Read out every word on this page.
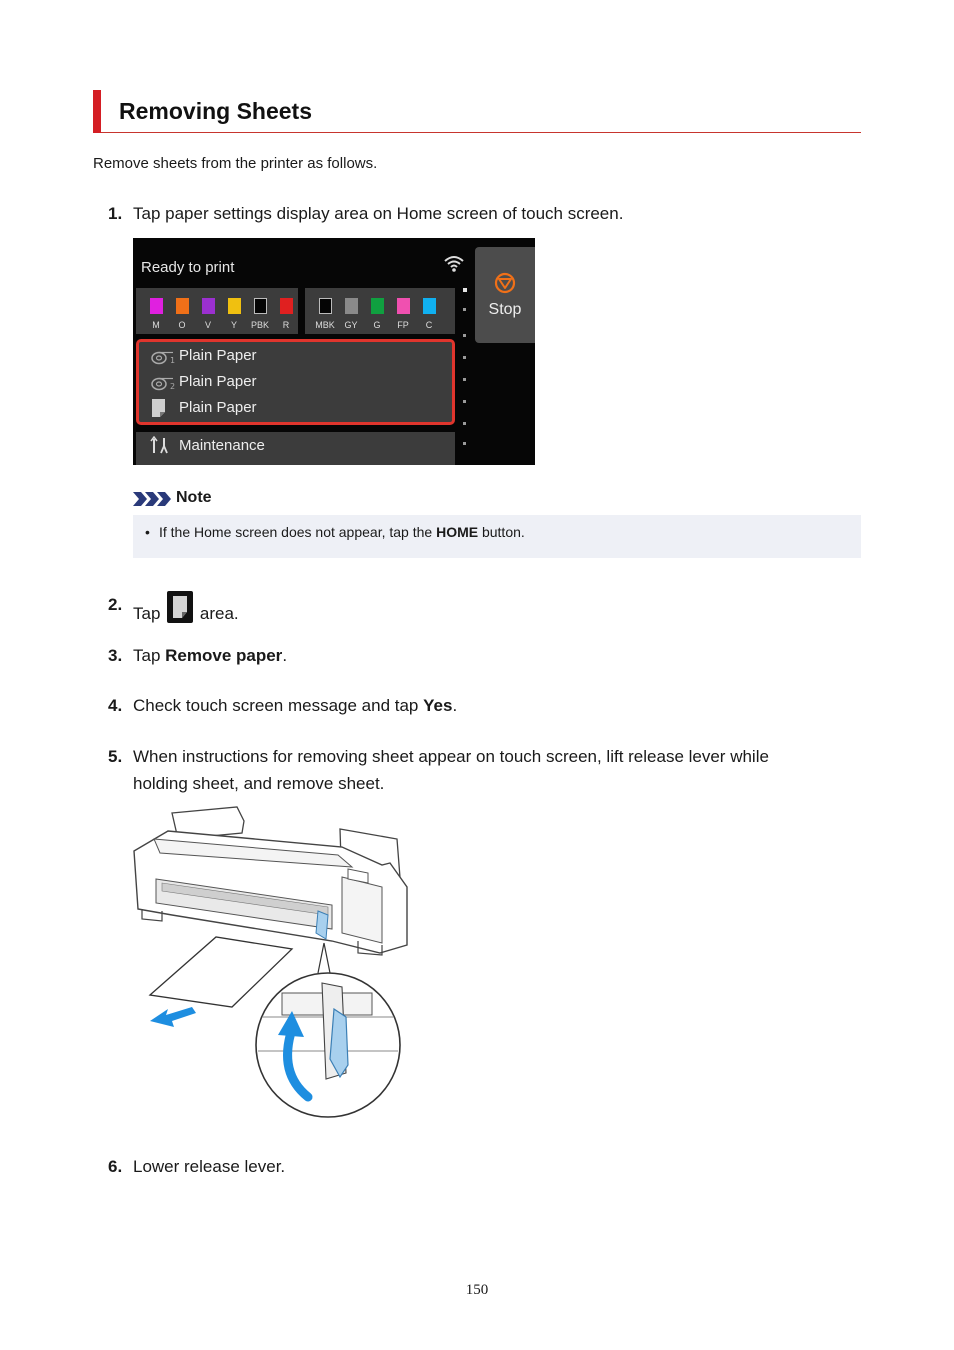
Removing Sheets
Remove sheets from the printer as follows.
1. Tap paper settings display area on Home screen of touch screen.
Ready to print
M	O	V	Y	PBK	R	MBK	GY	G	FP	C
1 Plain Paper
2 Plain Paper
Plain Paper
Maintenance
Stop
Note
• If the Home screen does not appear, tap the HOME button.
2. Tap area.
3. Tap Remove paper.
4. Check touch screen message and tap Yes.
5. When instructions for removing sheet appear on touch screen, lift release lever while
holding sheet, and remove sheet.
6. Lower release lever.
150
